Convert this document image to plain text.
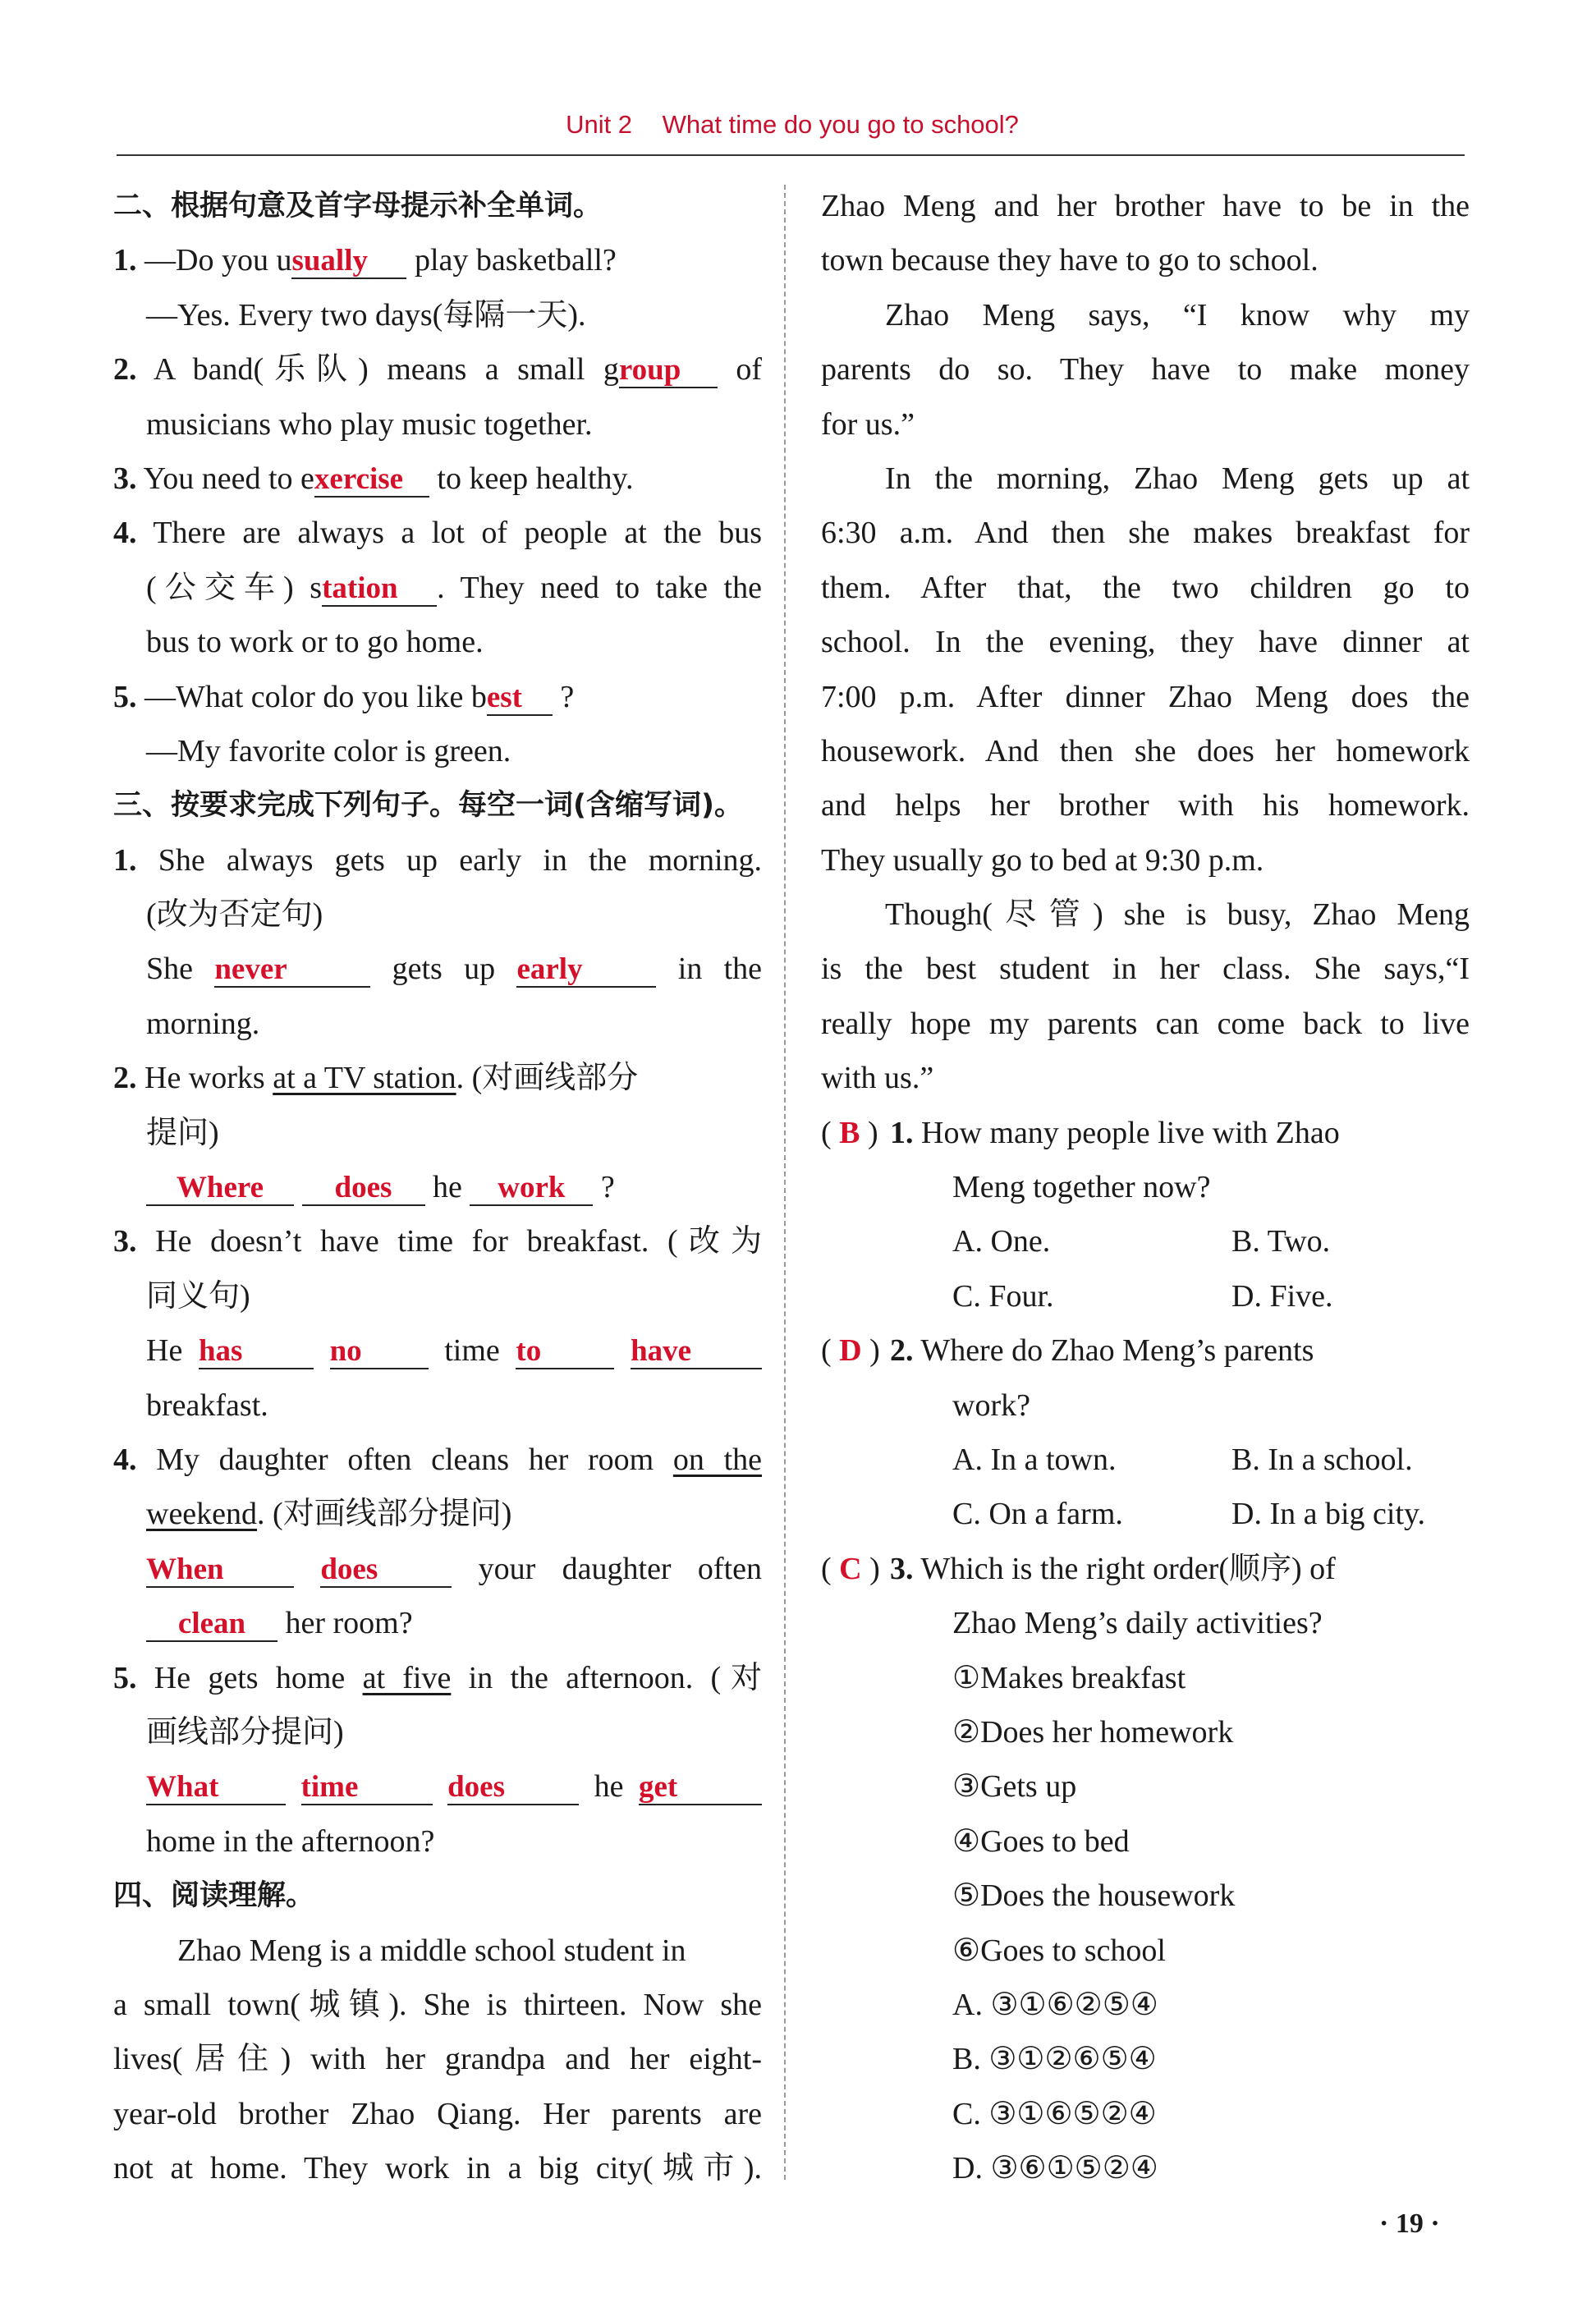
Unit 2 What time do you go to school?
二、根据句意及首字母提示补全单词。
1. —Do you usually play basketball?
—Yes. Every two days(每隔一天).
2. A band(乐队) means a small group of
musicians who play music together.
3. You need to exercise to keep healthy.
4. There are always a lot of people at the bus
(公交车) station . They need to take the
bus to work or to go home.
5. —What color do you like best ?
—My favorite color is green.
三、按要求完成下列句子。每空一词(含缩写词)。
1. She always gets up early in the morning.
(改为否定句)
She never	gets up early	in the
morning.
2. He works at a TV station. (对画线部分
提问)
Where does he work ?
3. He doesn’t have time for breakfast. (改为
同义句)
He has	no	time to	have
breakfast.
4. My daughter often cleans her room on the
weekend. (对画线部分提问)
When	does	your daughter often
clean her room?
5. He gets home at five in the afternoon. (对
画线部分提问)
What	time	does	he get
home in the afternoon?
四、阅读理解。
Zhao Meng is a middle school student in
a small town(城镇). She is thirteen. Now she
lives(居住) with her grandpa and her eight-
year-old brother Zhao Qiang. Her parents are
not at home. They work in a big city(城市).
Zhao Meng and her brother have to be in the
town because they have to go to school.
Zhao Meng says, “I know why my
parents do so. They have to make money
for us.”
In the morning, Zhao Meng gets up at
6:30 a.m. And then she makes breakfast for
them. After that, the two children go to
school. In the evening, they have dinner at
7:00 p.m. After dinner Zhao Meng does the
housework. And then she does her homework
and helps her brother with his homework.
They usually go to bed at 9:30 p.m.
Though(尽管) she is busy, Zhao Meng
is the best student in her class. She says,“I
really hope my parents can come back to live
with us.”
( B ) 1. How many people live with Zhao
Meng together now?
A. One.	B. Two.
C. Four.	D. Five.
( D ) 2. Where do Zhao Meng’s parents
work?
A. In a town.	B. In a school.
C. On a farm.	D. In a big city.
( C ) 3. Which is the right order(顺序) of
Zhao Meng’s daily activities?
①Makes breakfast
②Does her homework
③Gets up
④Goes to bed
⑤Does the housework
⑥Goes to school
A. ③①⑥②⑤④
B. ③①②⑥⑤④
C. ③①⑥⑤②④
D. ③⑥①⑤②④
· 19 ·
